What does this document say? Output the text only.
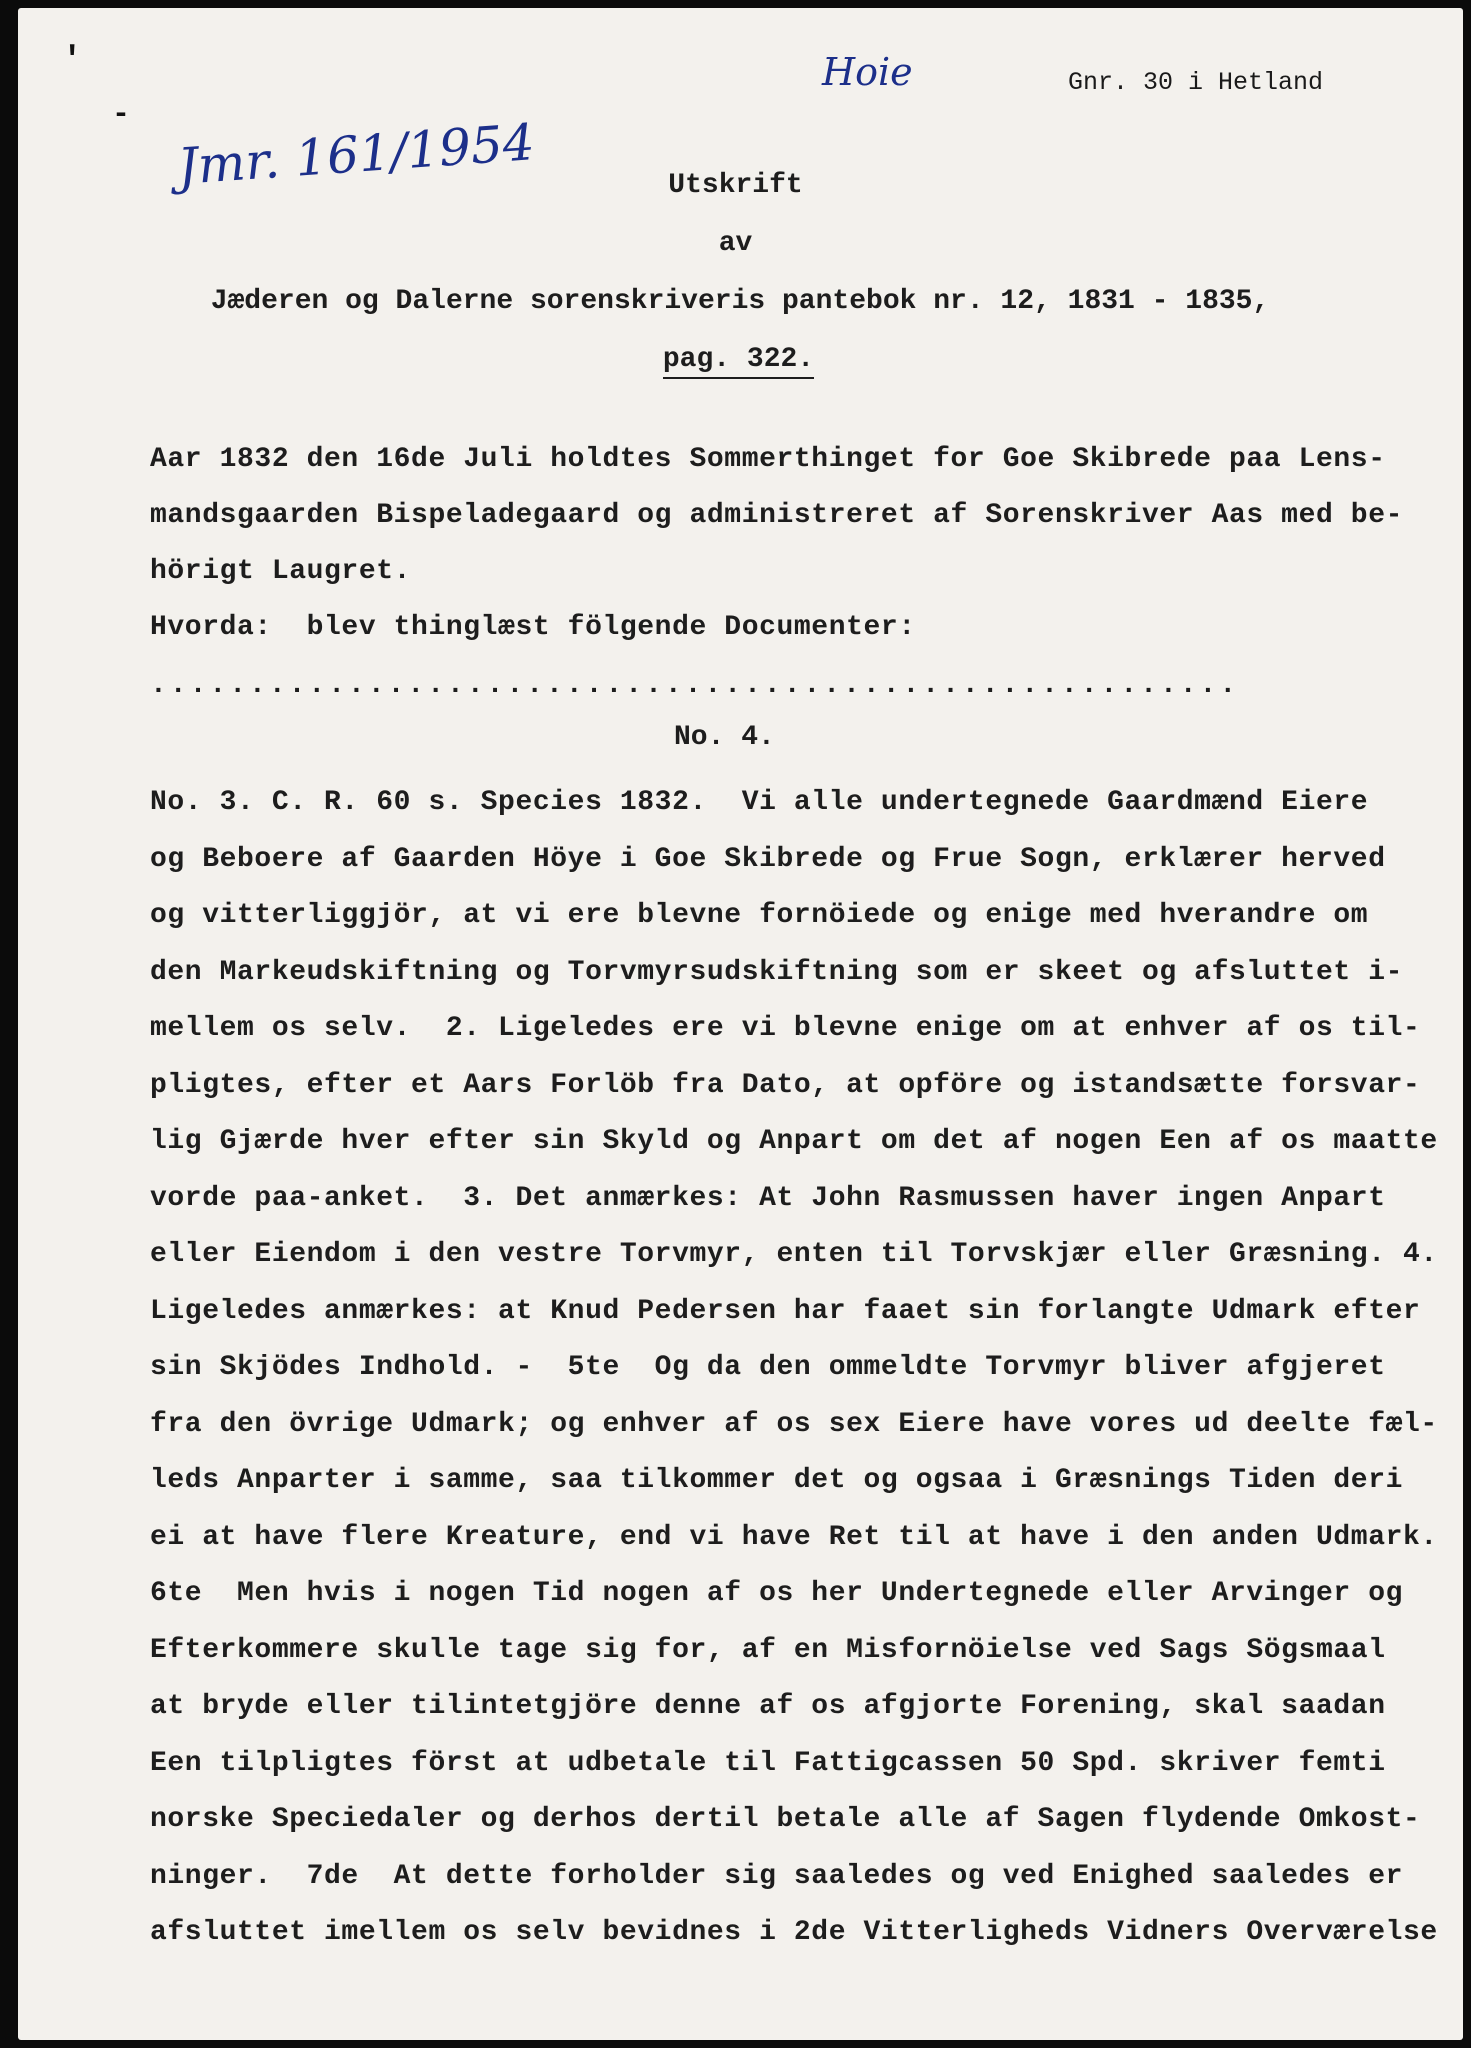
'
-
Hoie
Jmr. 161/1954
Gnr. 30 i Hetland
Utskrift
av
Jæderen og Dalerne sorenskriveris pantebok nr. 12, 1831 - 1835,
pag. 322.
Aar 1832 den 16de Juli holdtes Sommerthinget for Goe Skibrede paa Lens-
mandsgaarden Bispeladegaard og administreret af Sorenskriver Aas med be-
hörigt Laugret.
Hvorda:  blev thinglæst fölgende Documenter:
.......................................................
No. 4.
No. 3. C. R. 60 s. Species 1832.  Vi alle undertegnede Gaardmænd Eiere
og Beboere af Gaarden Höye i Goe Skibrede og Frue Sogn, erklærer herved
og vitterliggjör, at vi ere blevne fornöiede og enige med hverandre om
den Markeudskiftning og Torvmyrsudskiftning som er skeet og afsluttet i-
mellem os selv.  2. Ligeledes ere vi blevne enige om at enhver af os til-
pligtes, efter et Aars Forlöb fra Dato, at opföre og istandsætte forsvar-
lig Gjærde hver efter sin Skyld og Anpart om det af nogen Een af os maatte
vorde paa-anket.  3. Det anmærkes: At John Rasmussen haver ingen Anpart
eller Eiendom i den vestre Torvmyr, enten til Torvskjær eller Græsning. 4.
Ligeledes anmærkes: at Knud Pedersen har faaet sin forlangte Udmark efter
sin Skjödes Indhold. -  5te  Og da den ommeldte Torvmyr bliver afgjeret
fra den övrige Udmark; og enhver af os sex Eiere have vores ud deelte fæl-
leds Anparter i samme, saa tilkommer det og ogsaa i Græsnings Tiden deri
ei at have flere Kreature, end vi have Ret til at have i den anden Udmark.
6te  Men hvis i nogen Tid nogen af os her Undertegnede eller Arvinger og
Efterkommere skulle tage sig for, af en Misfornöielse ved Sags Sögsmaal
at bryde eller tilintetgjöre denne af os afgjorte Forening, skal saadan
Een tilpligtes först at udbetale til Fattigcassen 50 Spd. skriver femti
norske Speciedaler og derhos dertil betale alle af Sagen flydende Omkost-
ninger.  7de  At dette forholder sig saaledes og ved Enighed saaledes er
afsluttet imellem os selv bevidnes i 2de Vitterligheds Vidners Overværelse
